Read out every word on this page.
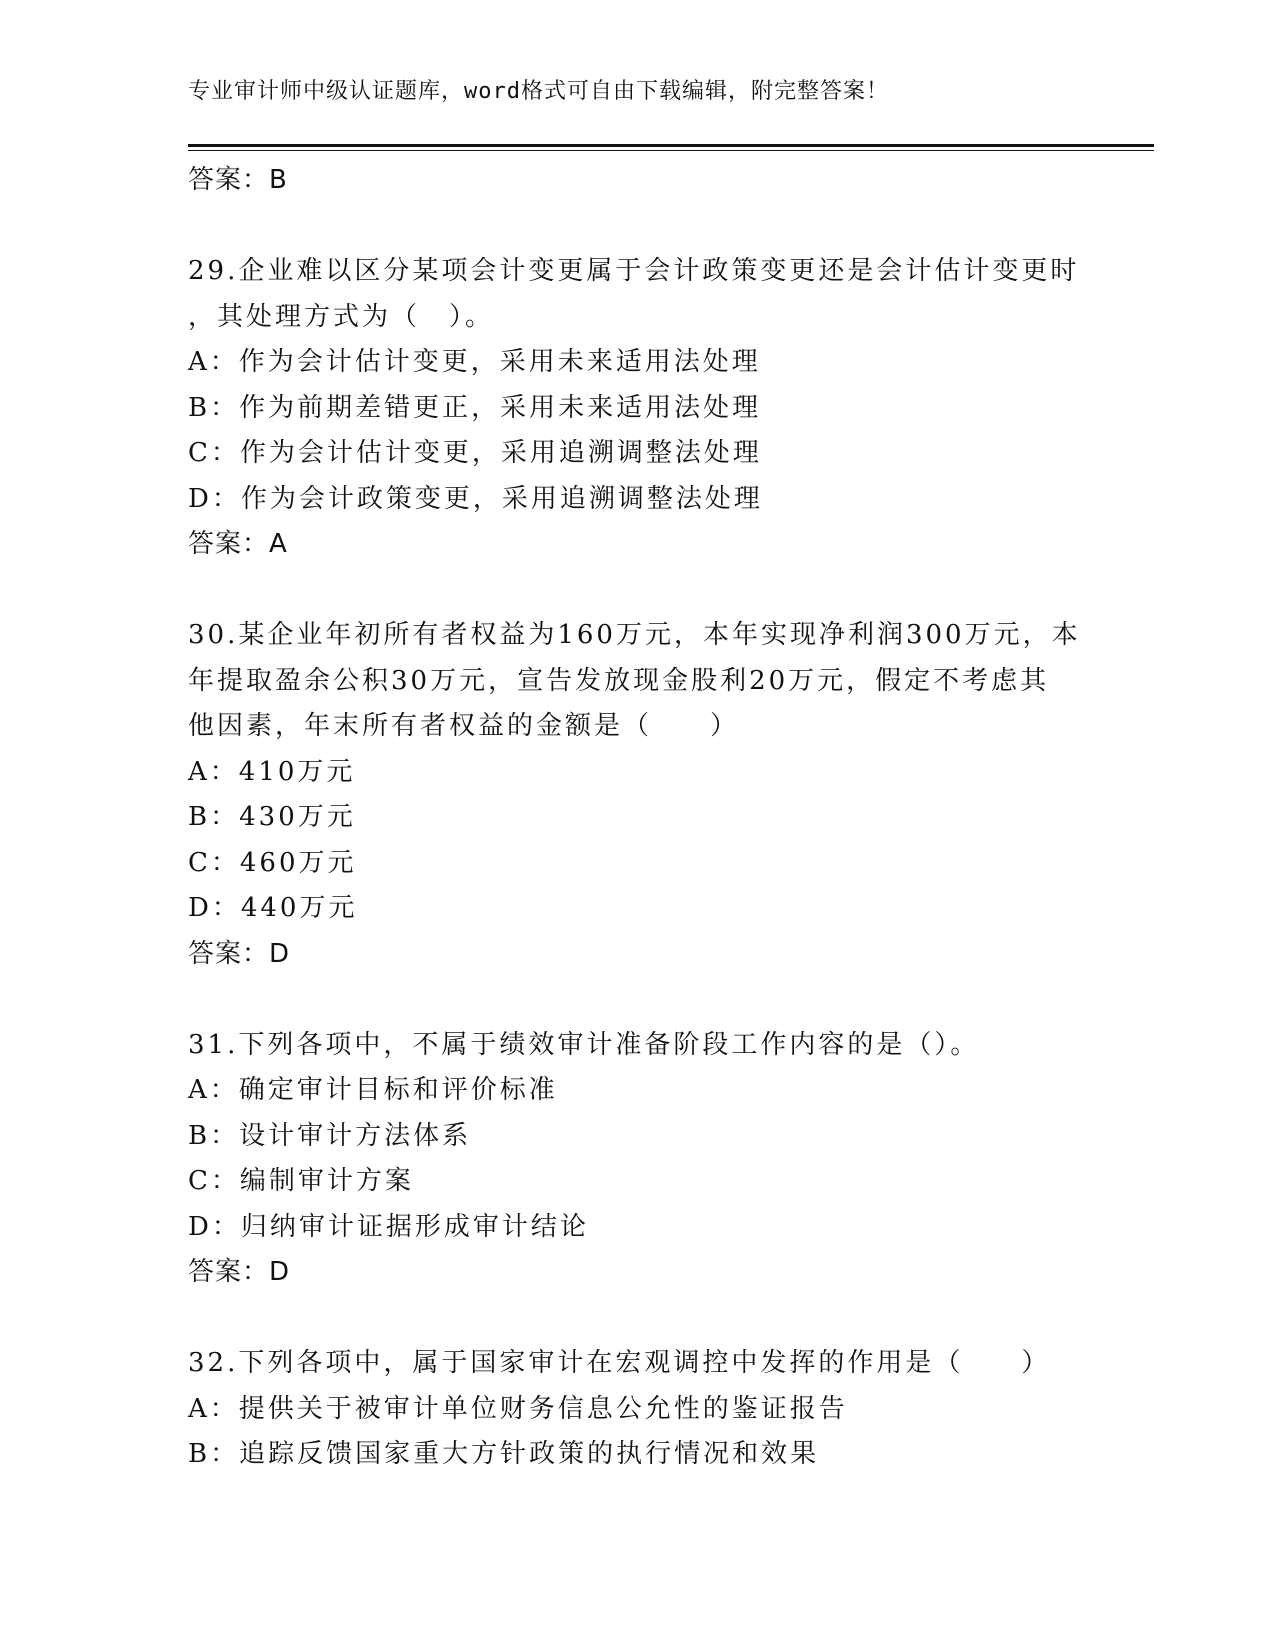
专业审计师中级认证题库，word格式可自由下载编辑，附完整答案！
答案：B
29.企业难以区分某项会计变更属于会计政策变更还是会计估计变更时
，其处理方式为（　）。
A：作为会计估计变更，采用未来适用法处理
B：作为前期差错更正，采用未来适用法处理
C：作为会计估计变更，采用追溯调整法处理
D：作为会计政策变更，采用追溯调整法处理
答案：A
30.某企业年初所有者权益为160万元，本年实现净利润300万元，本
年提取盈余公积30万元，宣告发放现金股利20万元，假定不考虑其
他因素，年末所有者权益的金额是（　　）
A：410万元
B：430万元
C：460万元
D：440万元
答案：D
31.下列各项中，不属于绩效审计准备阶段工作内容的是（）。
A：确定审计目标和评价标准
B：设计审计方法体系
C：编制审计方案
D：归纳审计证据形成审计结论
答案：D
32.下列各项中，属于国家审计在宏观调控中发挥的作用是（　　）
A：提供关于被审计单位财务信息公允性的鉴证报告
B：追踪反馈国家重大方针政策的执行情况和效果
